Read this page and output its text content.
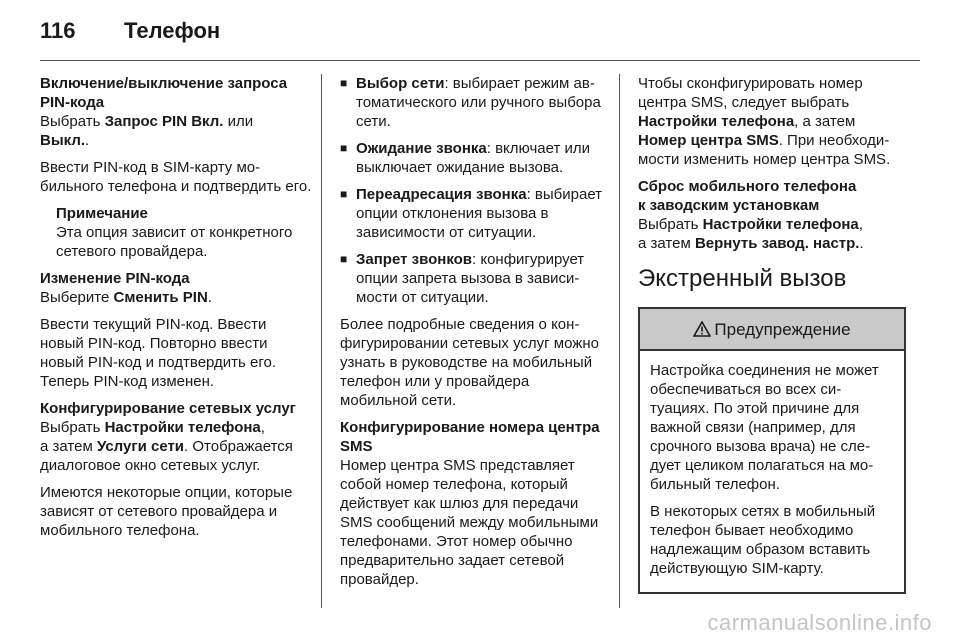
116 Телефон

Включение/выключение запроса
PIN-кода

Выбрать Запрос PIN Вкл. или
Выкл..

Ввести PIN-код в SIM-карту мобильного телефона и подтвердить его.

Примечание
Эта опция зависит от конкретного сетевого провайдера.

Изменение PIN-кода

Выберите Сменить PIN.

Ввести текущий PIN-код. Ввести новый PIN-код. Повторно ввести новый PIN-код и подтвердить его. Теперь PIN-код изменен.

Конфигурирование сетевых услуг

Выбрать Настройки телефона,
а затем Услуги сети. Отображается диалоговое окно сетевых услуг.

Имеются некоторые опции, которые зависят от сетевого провайдера и мобильного телефона.

■ Выбор сети: выбирает режим автоматического или ручного выбора сети.
■ Ожидание звонка: включает или выключает ожидание вызова.
■ Переадресация звонка: выбирает опции отклонения вызова в зависимости от ситуации.
■ Запрет звонков: конфигурирует опции запрета вызова в зависимости от ситуации.

Более подробные сведения о конфигурировании сетевых услуг можно узнать в руководстве на мобильный телефон или у провайдера мобильной сети.

Конфигурирование номера центра SMS

Номер центра SMS представляет собой номер телефона, который действует как шлюз для передачи SMS сообщений между мобильными телефонами. Этот номер обычно предварительно задает сетевой провайдер.

Чтобы сконфигурировать номер центра SMS, следует выбрать Настройки телефона, а затем Номер центра SMS. При необходимости изменить номер центра SMS.

Сброс мобильного телефона
к заводским установкам

Выбрать Настройки телефона,
а затем Вернуть завод. настр..

Экстренный вызов
Предупреждение

Настройка соединения не может обеспечиваться во всех ситуациях. По этой причине для важной связи (например, для срочного вызова врача) не следует целиком полагаться на мобильный телефон.

В некоторых сетях в мобильный телефон бывает необходимо надлежащим образом вставить действующую SIM-карту.

carmanualsonline.info
